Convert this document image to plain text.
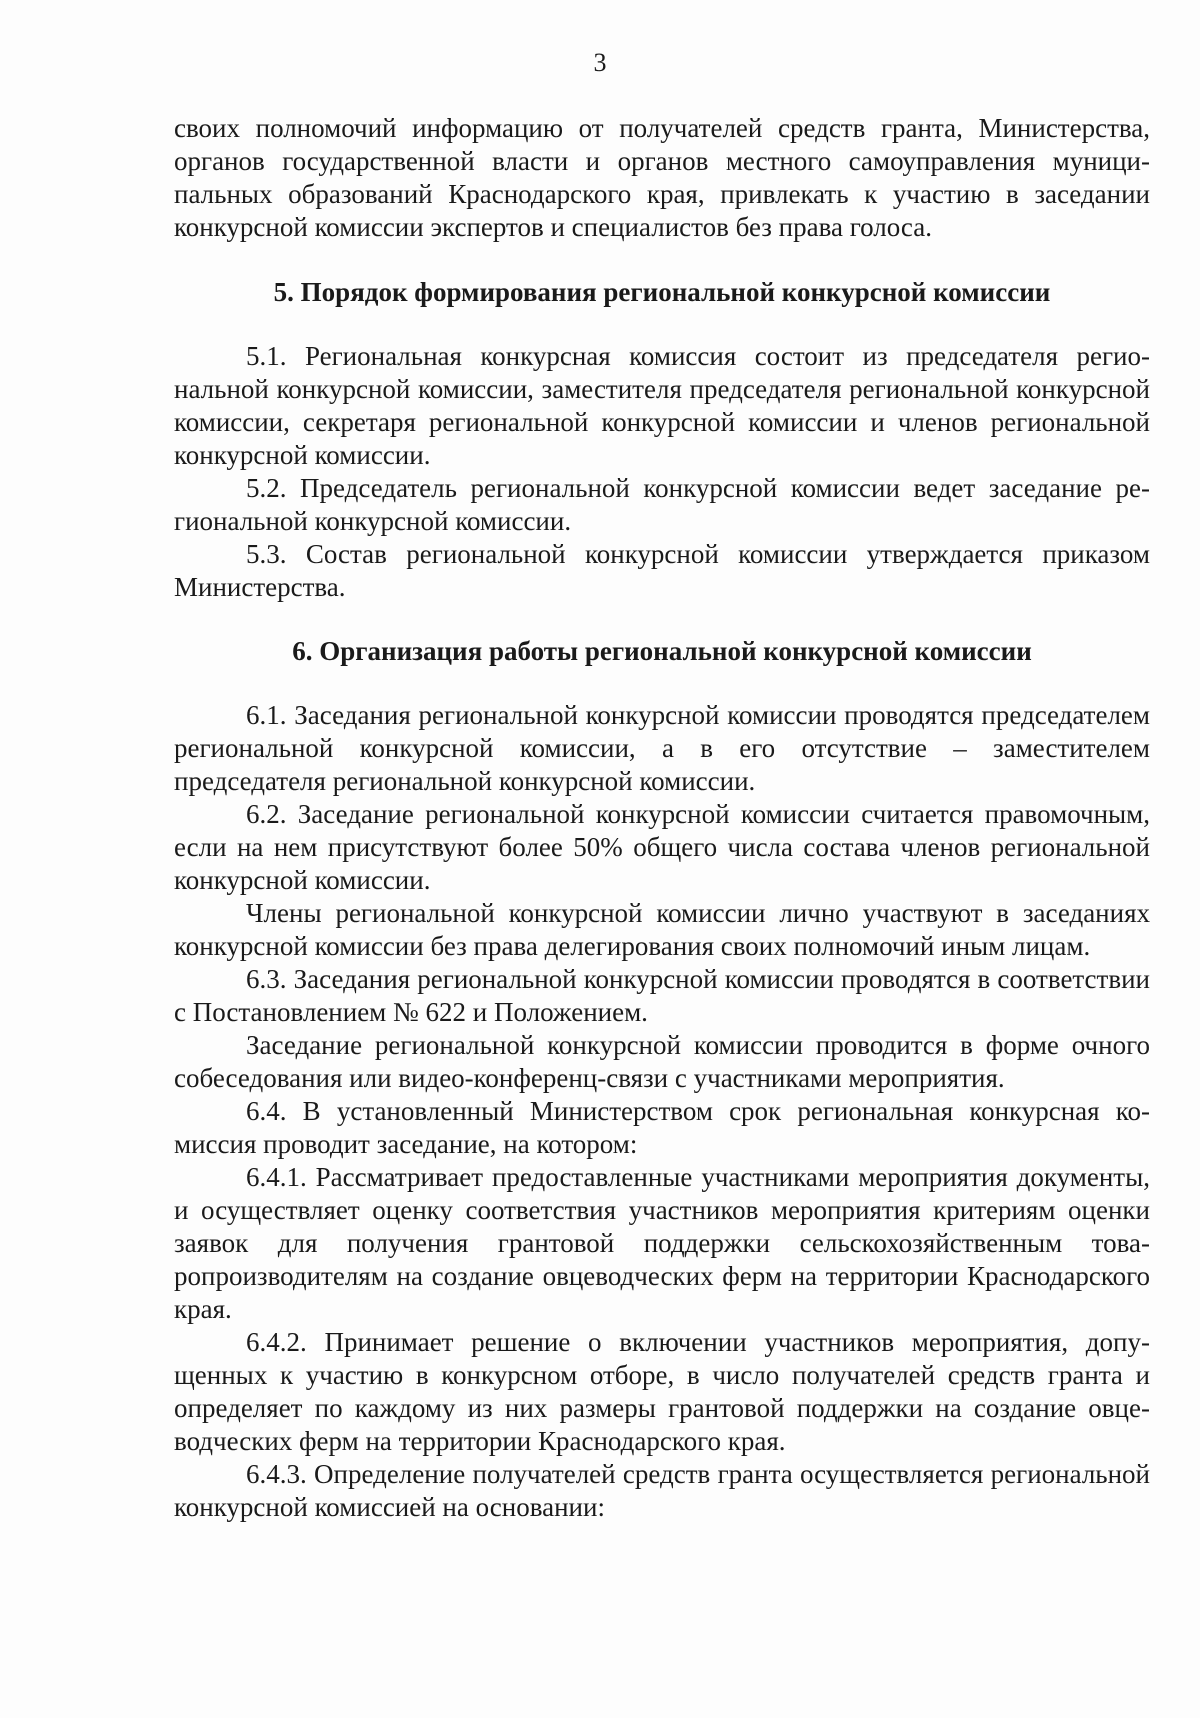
3

своих полномочий информацию от получателей средств гранта, Министерства, органов государственной власти и органов местного самоуправления муниципальных образований Краснодарского края, привлекать к участию в заседании конкурсной комиссии экспертов и специалистов без права голоса.

5. Порядок формирования региональной конкурсной комиссии

5.1. Региональная конкурсная комиссия состоит из председателя региональной конкурсной комиссии, заместителя председателя региональной конкурсной комиссии, секретаря региональной конкурсной комиссии и членов региональной конкурсной комиссии.

5.2. Председатель региональной конкурсной комиссии ведет заседание региональной конкурсной комиссии.

5.3. Состав региональной конкурсной комиссии утверждается приказом Министерства.

6. Организация работы региональной конкурсной комиссии

6.1. Заседания региональной конкурсной комиссии проводятся председателем региональной конкурсной комиссии, а в его отсутствие – заместителем председателя региональной конкурсной комиссии.

6.2. Заседание региональной конкурсной комиссии считается правомочным, если на нем присутствуют более 50% общего числа состава членов региональной конкурсной комиссии.

Члены региональной конкурсной комиссии лично участвуют в заседаниях конкурсной комиссии без права делегирования своих полномочий иным лицам.

6.3. Заседания региональной конкурсной комиссии проводятся в соответствии с Постановлением № 622 и Положением.

Заседание региональной конкурсной комиссии проводится в форме очного собеседования или видео-конференц-связи с участниками мероприятия.

6.4. В установленный Министерством срок региональная конкурсная комиссия проводит заседание, на котором:

6.4.1. Рассматривает предоставленные участниками мероприятия документы, и осуществляет оценку соответствия участников мероприятия критериям оценки заявок для получения грантовой поддержки сельскохозяйственным товаропроизводителям на создание овцеводческих ферм на территории Краснодарского края.

6.4.2. Принимает решение о включении участников мероприятия, допущенных к участию в конкурсном отборе, в число получателей средств гранта и определяет по каждому из них размеры грантовой поддержки на создание овцеводческих ферм на территории Краснодарского края.

6.4.3. Определение получателей средств гранта осуществляется региональной конкурсной комиссией на основании:
